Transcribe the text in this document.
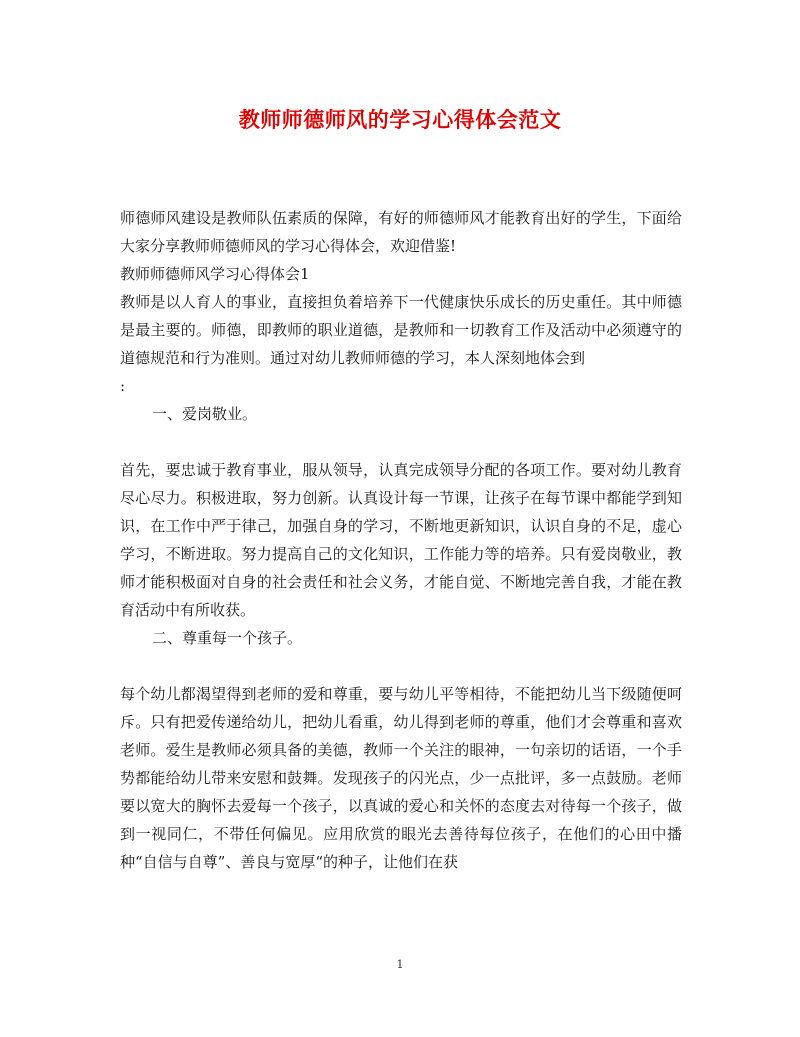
教师师德师风的学习心得体会范文

师德师风建设是教师队伍素质的保障，有好的师德师风才能教育出好的学生，下面给大家分享教师师德师风的学习心得体会，欢迎借鉴!

教师师德师风学习心得体会1

教师是以人育人的事业，直接担负着培养下一代健康快乐成长的历史重任。其中师德是最主要的。师德，即教师的职业道德，是教师和一切教育工作及活动中必须遵守的道德规范和行为准则。通过对幼儿教师师德的学习，本人深刻地体会到

:

一、爱岗敬业。

首先，要忠诚于教育事业，服从领导，认真完成领导分配的各项工作。要对幼儿教育尽心尽力。积极进取，努力创新。认真设计每一节课，让孩子在每节课中都能学到知识，在工作中严于律己，加强自身的学习，不断地更新知识，认识自身的不足，虚心学习，不断进取。努力提高自己的文化知识，工作能力等的培养。只有爱岗敬业，教师才能积极面对自身的社会责任和社会义务，才能自觉、不断地完善自我，才能在教育活动中有所收获。

二、尊重每一个孩子。

每个幼儿都渴望得到老师的爱和尊重，要与幼儿平等相待，不能把幼儿当下级随便呵斥。只有把爱传递给幼儿，把幼儿看重，幼儿得到老师的尊重，他们才会尊重和喜欢老师。爱生是教师必须具备的美德，教师一个关注的眼神，一句亲切的话语，一个手势都能给幼儿带来安慰和鼓舞。发现孩子的闪光点，少一点批评，多一点鼓励。老师要以宽大的胸怀去爱每一个孩子，以真诚的爱心和关怀的态度去对待每一个孩子，做到一视同仁，不带任何偏见。应用欣赏的眼光去善待每位孩子，在他们的心田中播种“自信与自尊”、善良与宽厚“的种子，让他们在获

1
